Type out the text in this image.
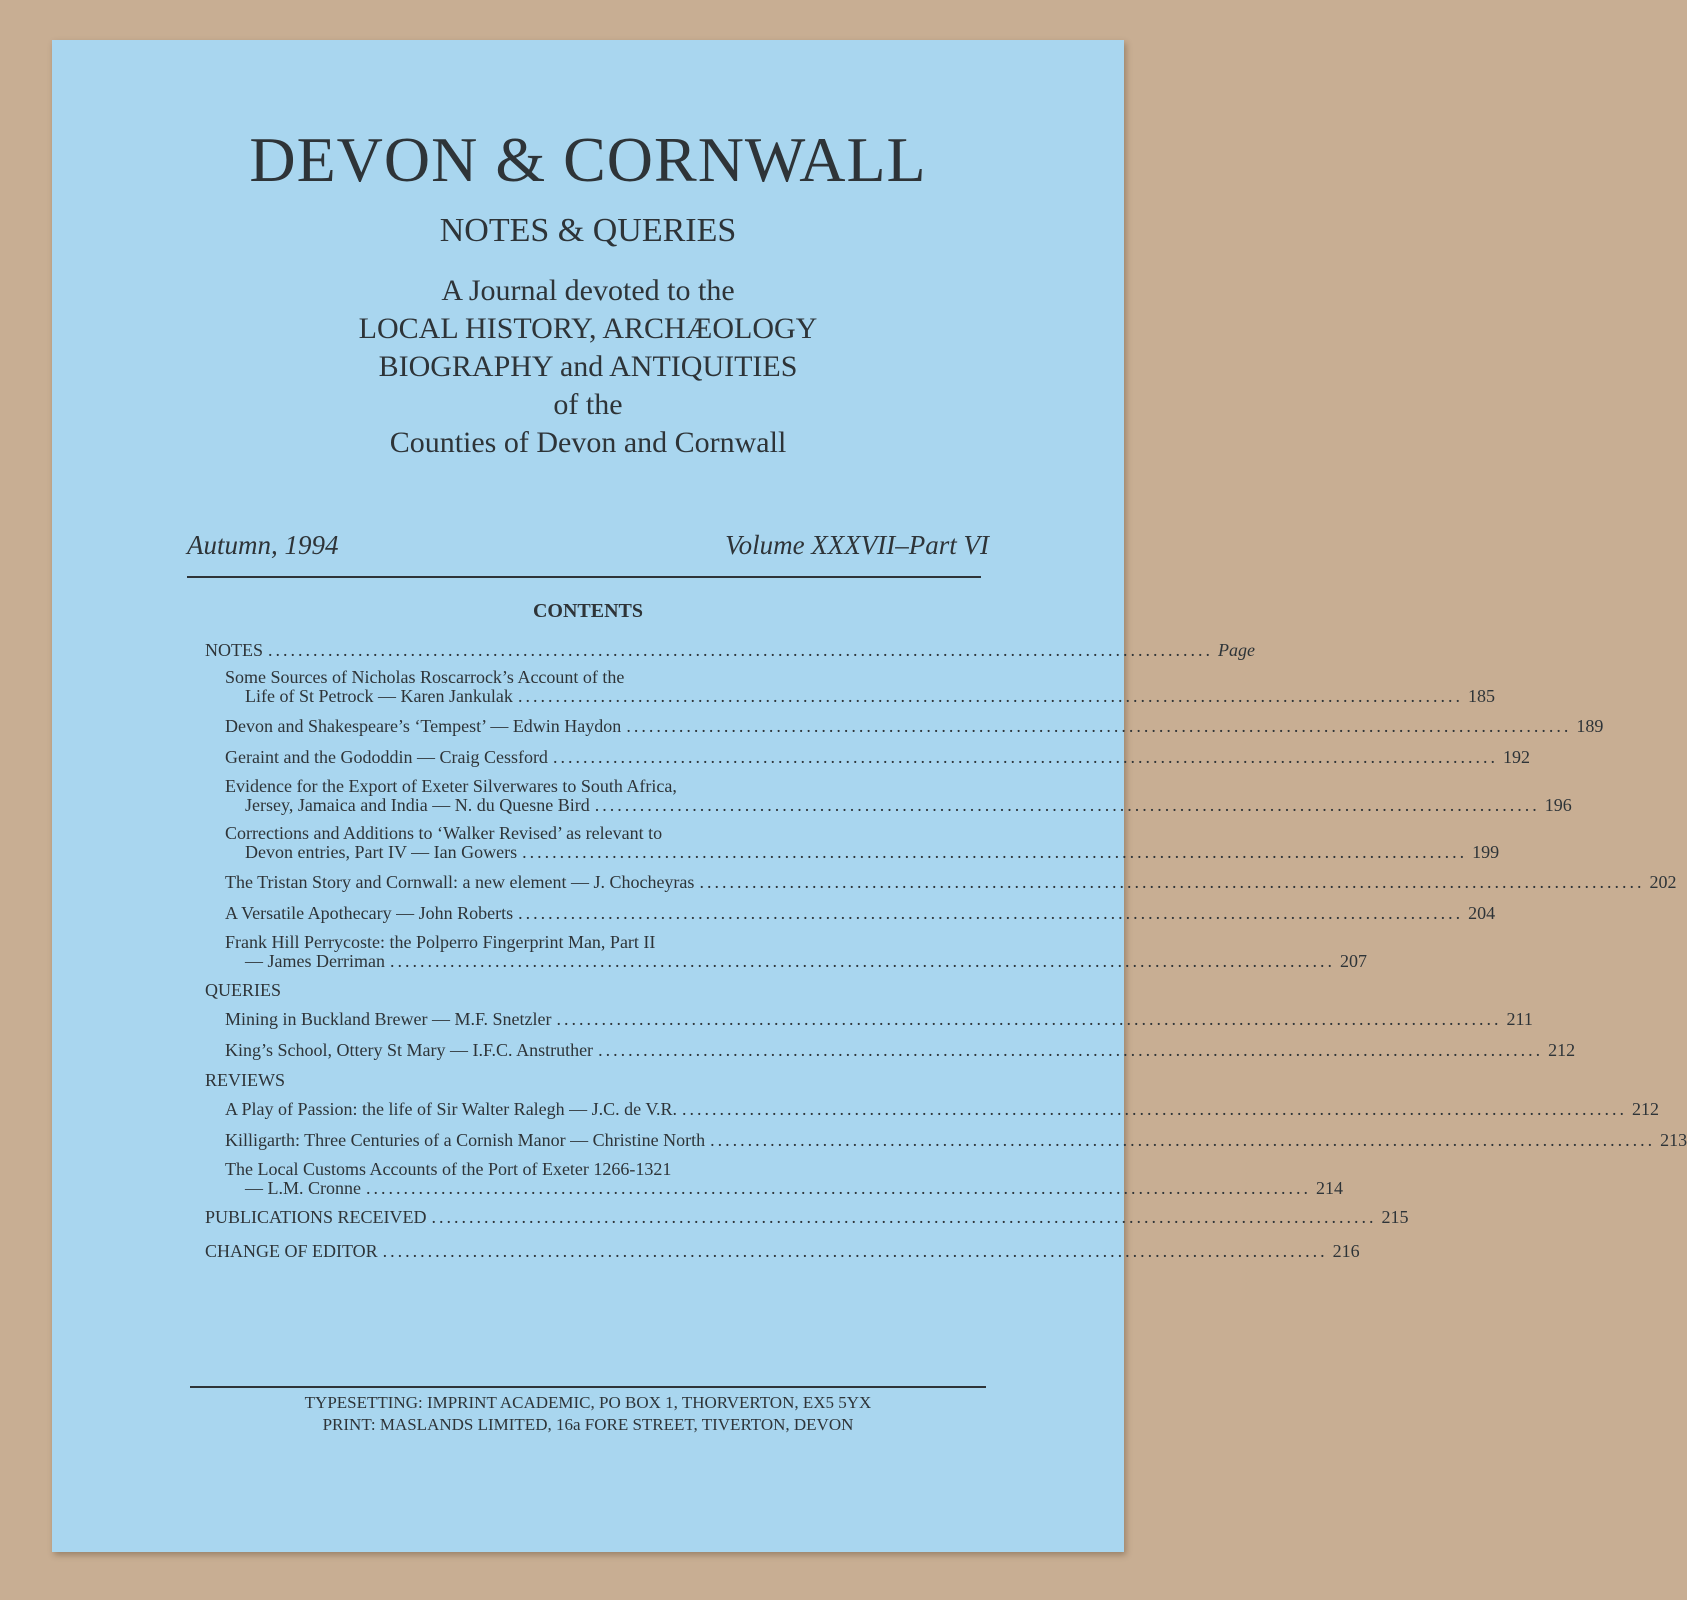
DEVON & CORNWALL
NOTES & QUERIES
A Journal devoted to the
LOCAL HISTORY, ARCHÆOLOGY
BIOGRAPHY and ANTIQUITIES
of the
Counties of Devon and Cornwall
Autumn, 1994	Volume XXXVII–Part VI
CONTENTS
NOTES .............................................................................................................................. Page
Some Sources of Nicholas Roscarrock’s Account of the
Life of St Petrock — Karen Jankulak .............................................................................................................................. 185
Devon and Shakespeare’s ‘Tempest’ — Edwin Haydon .............................................................................................................................. 189
Geraint and the Gododdin — Craig Cessford .............................................................................................................................. 192
Evidence for the Export of Exeter Silverwares to South Africa,
Jersey, Jamaica and India — N. du Quesne Bird .............................................................................................................................. 196
Corrections and Additions to ‘Walker Revised’ as relevant to
Devon entries, Part IV — Ian Gowers .............................................................................................................................. 199
The Tristan Story and Cornwall: a new element — J. Chocheyras .............................................................................................................................. 202
A Versatile Apothecary — John Roberts .............................................................................................................................. 204
Frank Hill Perrycoste: the Polperro Fingerprint Man, Part II
— James Derriman .............................................................................................................................. 207
QUERIES
Mining in Buckland Brewer — M.F. Snetzler .............................................................................................................................. 211
King’s School, Ottery St Mary — I.F.C. Anstruther .............................................................................................................................. 212
REVIEWS
A Play of Passion: the life of Sir Walter Ralegh — J.C. de V.R. .............................................................................................................................. 212
Killigarth: Three Centuries of a Cornish Manor — Christine North .............................................................................................................................. 213
The Local Customs Accounts of the Port of Exeter 1266-1321
— L.M. Cronne .............................................................................................................................. 214
PUBLICATIONS RECEIVED .............................................................................................................................. 215
CHANGE OF EDITOR .............................................................................................................................. 216
TYPESETTING: IMPRINT ACADEMIC, PO BOX 1, THORVERTON, EX5 5YX
PRINT: MASLANDS LIMITED, 16a FORE STREET, TIVERTON, DEVON
